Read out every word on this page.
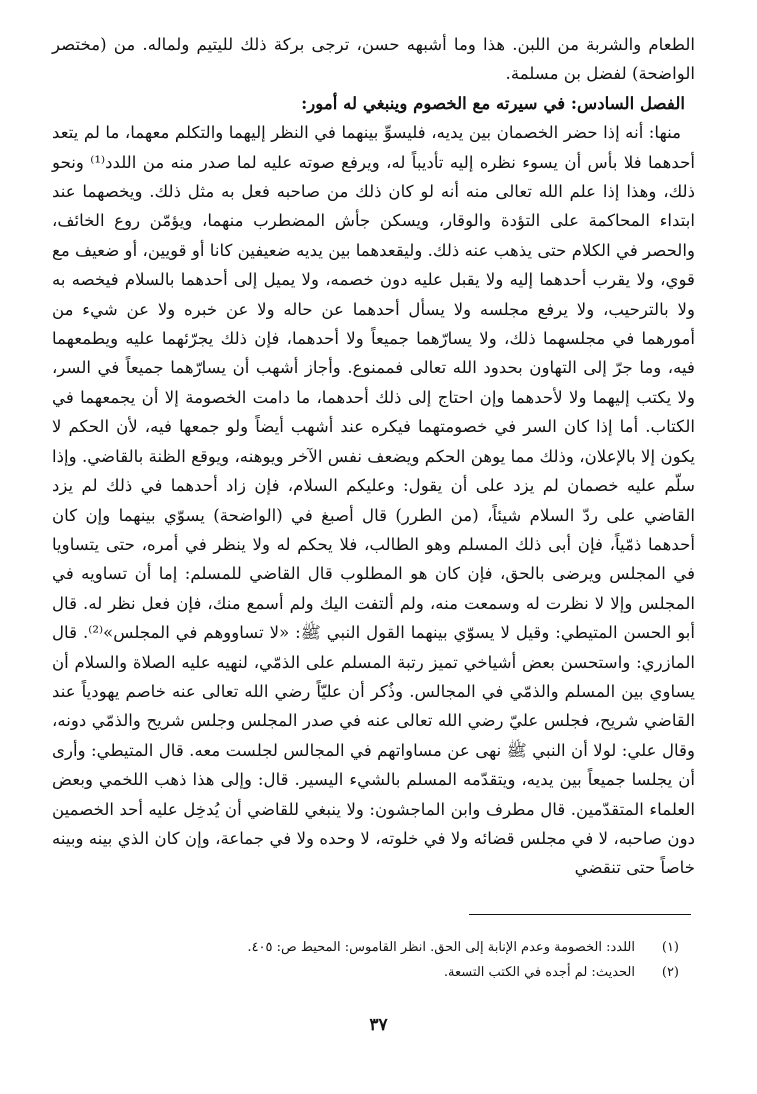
الطعام والشربة من اللبن. هذا وما أشبهه حسن، ترجى بركة ذلك لليتيم ولماله. من (مختصر الواضحة) لفضل بن مسلمة.

الفصل السادس: في سيرته مع الخصوم وينبغي له أمور:

منها: أنه إذا حضر الخصمان بين يديه، فليسوِّ بينهما في النظر إليهما والتكلم معهما، ما لم يتعد أحدهما فلا بأس أن يسوء نظره إليه تأديباً له، ويرفع صوته عليه لما صدر منه من اللدد⁽¹⁾ ونحو ذلك، وهذا إذا علم الله تعالى منه أنه لو كان ذلك من صاحبه فعل به مثل ذلك. ويخصهما عند ابتداء المحاكمة على التؤدة والوقار، ويسكن جأش المضطرب منهما، ويؤمّن روع الخائف، والحصر في الكلام حتى يذهب عنه ذلك. وليقعدهما بين يديه ضعيفين كانا أو قويين، أو ضعيف مع قوي، ولا يقرب أحدهما إليه ولا يقبل عليه دون خصمه، ولا يميل إلى أحدهما بالسلام فيخصه به ولا بالترحيب، ولا يرفع مجلسه ولا يسأل أحدهما عن حاله ولا عن خبره ولا عن شيء من أمورهما في مجلسهما ذلك، ولا يسارّهما جميعاً ولا أحدهما، فإن ذلك يجرّئهما عليه ويطمعهما فيه، وما جرّ إلى التهاون بحدود الله تعالى فممنوع. وأجاز أشهب أن يسارّهما جميعاً في السر، ولا يكتب إليهما ولا لأحدهما وإن احتاج إلى ذلك أحدهما، ما دامت الخصومة إلا أن يجمعهما في الكتاب. أما إذا كان السر في خصومتهما فيكره عند أشهب أيضاً ولو جمعها فيه، لأن الحكم لا يكون إلا بالإعلان، وذلك مما يوهن الحكم ويضعف نفس الآخر ويوهنه، ويوقع الظنة بالقاضي. وإذا سلّم عليه خصمان لم يزد على أن يقول: وعليكم السلام، فإن زاد أحدهما في ذلك لم يزد القاضي على ردّ السلام شيئاً، (من الطرر) قال أصبغ في (الواضحة) يسوّي بينهما وإن كان أحدهما ذمّياً، فإن أبى ذلك المسلم وهو الطالب، فلا يحكم له ولا ينظر في أمره، حتى يتساويا في المجلس ويرضى بالحق، فإن كان هو المطلوب قال القاضي للمسلم: إما أن تساويه في المجلس وإلا لا نظرت له وسمعت منه، ولم ألتفت اليك ولم أسمع منك، فإن فعل نظر له. قال أبو الحسن المتيطي: وقيل لا يسوّي بينهما القول النبي ﷺ: «لا تساووهم في المجلس»⁽²⁾. قال المازري: واستحسن بعض أشياخي تميز رتبة المسلم على الذمّي، لنهيه عليه الصلاة والسلام أن يساوي بين المسلم والذمّي في المجالس. وذُكر أن عليّاً رضي الله تعالى عنه خاصم يهودياً عند القاضي شريح، فجلس عليّ رضي الله تعالى عنه في صدر المجلس وجلس شريح والذمّي دونه، وقال علي: لولا أن النبي ﷺ نهى عن مساواتهم في المجالس لجلست معه. قال المتيطي: وأرى أن يجلسا جميعاً بين يديه، ويتقدّمه المسلم بالشيء اليسير. قال: وإلى هذا ذهب اللخمي وبعض العلماء المتقدّمين. قال مطرف وابن الماجشون: ولا ينبغي للقاضي أن يُدخِل عليه أحد الخصمين دون صاحبه، لا في مجلس قضائه ولا في خلوته، لا وحده ولا في جماعة، وإن كان الذي بينه وبينه خاصاً حتى تنقضي

(١)
اللدد: الخصومة وعدم الإنابة إلى الحق. انظر القاموس: المحيط ص: ٤٠٥.
(٢)
الحديث: لم أجده في الكتب التسعة.
٣٧
